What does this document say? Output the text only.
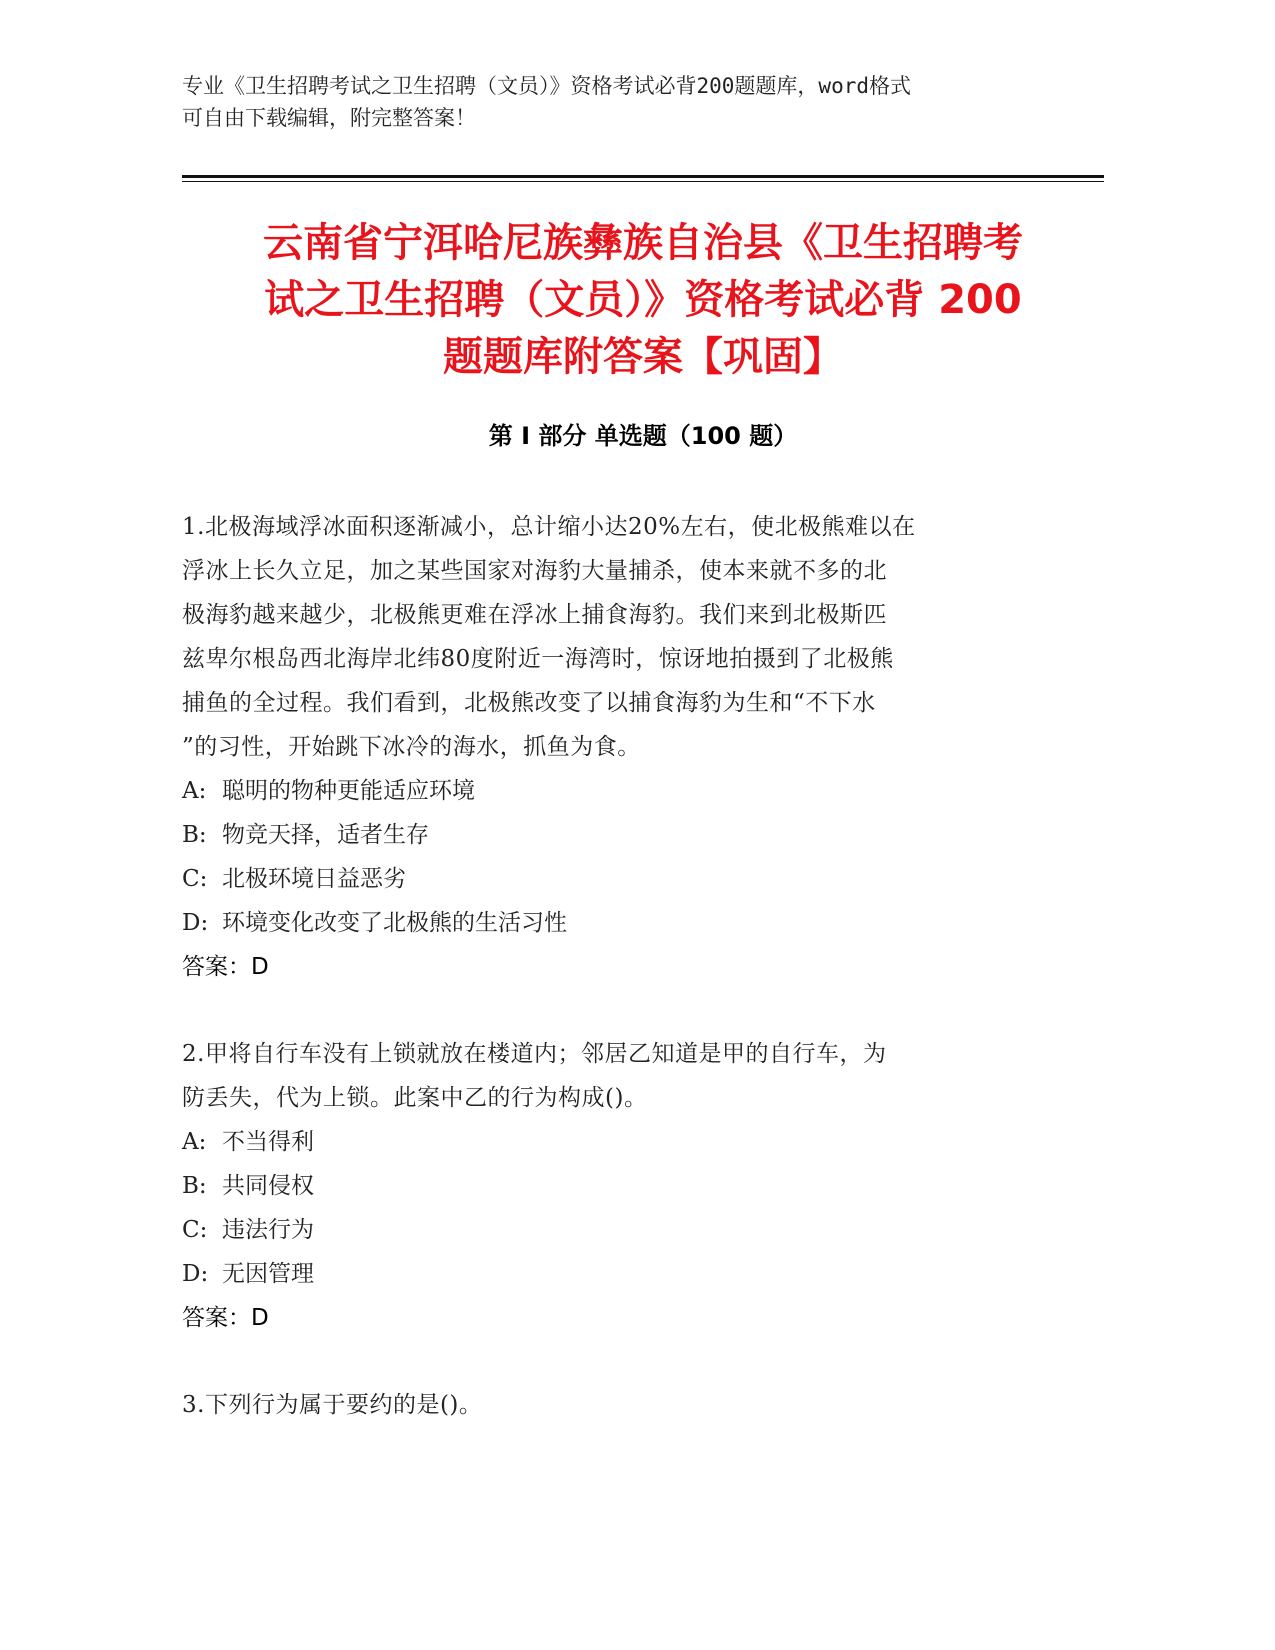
专业《卫生招聘考试之卫生招聘（文员）》资格考试必背200题题库，word格式
可自由下载编辑，附完整答案！
云南省宁洱哈尼族彝族自治县《卫生招聘考
试之卫生招聘（文员）》资格考试必背 200
题题库附答案【巩固】
第 I 部分 单选题（100 题）
1.北极海域浮冰面积逐渐减小，总计缩小达20%左右，使北极熊难以在
浮冰上长久立足，加之某些国家对海豹大量捕杀，使本来就不多的北
极海豹越来越少，北极熊更难在浮冰上捕食海豹。我们来到北极斯匹
兹卑尔根岛西北海岸北纬80度附近一海湾时，惊讶地拍摄到了北极熊
捕鱼的全过程。我们看到，北极熊改变了以捕食海豹为生和“不下水
”的习性，开始跳下冰冷的海水，抓鱼为食。
A: 聪明的物种更能适应环境
B: 物竞天择，适者生存
C: 北极环境日益恶劣
D: 环境变化改变了北极熊的生活习性
答案：D
2.甲将自行车没有上锁就放在楼道内；邻居乙知道是甲的自行车，为
防丢失，代为上锁。此案中乙的行为构成()。
A: 不当得利
B: 共同侵权
C: 违法行为
D: 无因管理
答案：D
3.下列行为属于要约的是()。
